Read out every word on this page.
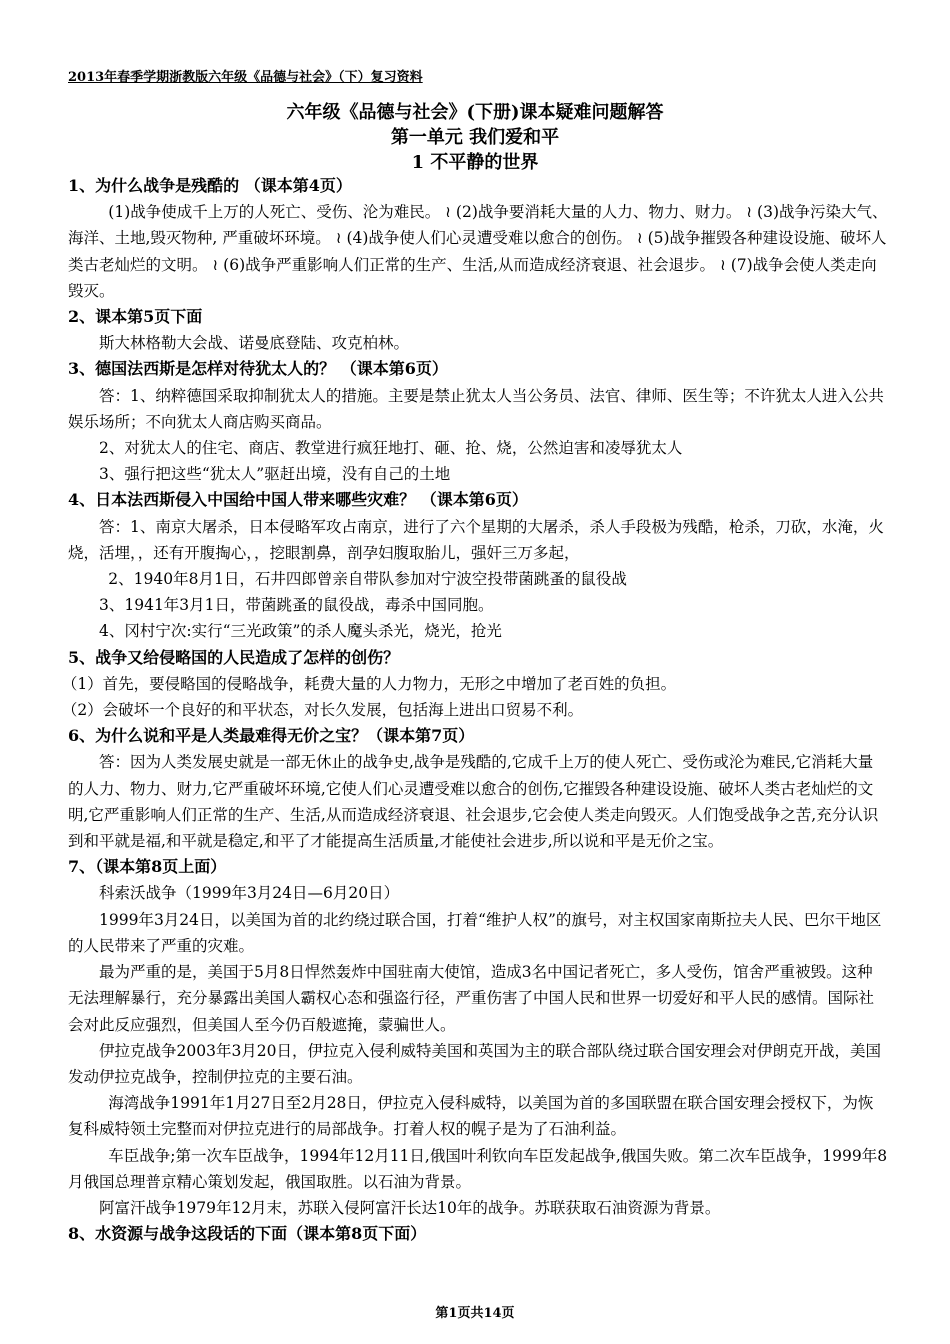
2013年春季学期浙教版六年级《品德与社会》（下）复习资料
六年级《品德与社会》(下册)课本疑难问题解答
第一单元 我们爱和平
1 不平静的世界

1、为什么战争是残酷的 （课本第4页）

(1)战争使成千上万的人死亡、受伤、沦为难民。 ≀ (2)战争要消耗大量的人力、物力、财力。 ≀ (3)战争污染大气、海洋、土地,毁灭物种, 严重破坏环境。 ≀ (4)战争使人们心灵遭受难以愈合的创伤。 ≀ (5)战争摧毁各种建设设施、破坏人类古老灿烂的文明。 ≀ (6)战争严重影响人们正常的生产、生活,从而造成经济衰退、社会退步。 ≀ (7)战争会使人类走向毁灭。

2、课本第5页下面

斯大林格勒大会战、诺曼底登陆、攻克柏林。

3、德国法西斯是怎样对待犹太人的？ （课本第6页）

答：1、纳粹德国采取抑制犹太人的措施。主要是禁止犹太人当公务员、法官、律师、医生等；不许犹太人进入公共娱乐场所；不向犹太人商店购买商品。

2、对犹太人的住宅、商店、教堂进行疯狂地打、砸、抢、烧，公然迫害和凌辱犹太人

3、强行把这些“犹太人”驱赶出境，没有自己的土地

4、日本法西斯侵入中国给中国人带来哪些灾难？ （课本第6页）

答：1、南京大屠杀，日本侵略军攻占南京，进行了六个星期的大屠杀，杀人手段极为残酷，枪杀，刀砍，水淹，火烧，活埋，，还有开腹掏心，，挖眼割鼻，剖孕妇腹取胎儿，强奸三万多起，

2、1940年8月1日，石井四郎曾亲自带队参加对宁波空投带菌跳蚤的鼠役战

3、1941年3月1日，带菌跳蚤的鼠役战，毒杀中国同胞。

4、冈村宁次:实行“三光政策”的杀人魔头杀光，烧光，抢光

5、战争又给侵略国的人民造成了怎样的创伤？

（1）首先，要侵略国的侵略战争，耗费大量的人力物力，无形之中增加了老百姓的负担。

（2）会破坏一个良好的和平状态，对长久发展，包括海上进出口贸易不利。

6、为什么说和平是人类最难得无价之宝？（课本第7页）

答：因为人类发展史就是一部无休止的战争史,战争是残酷的,它成千上万的使人死亡、受伤或沦为难民,它消耗大量的人力、物力、财力,它严重破坏环境,它使人们心灵遭受难以愈合的创伤,它摧毁各种建设设施、破坏人类古老灿烂的文明,它严重影响人们正常的生产、生活,从而造成经济衰退、社会退步,它会使人类走向毁灭。人们饱受战争之苦,充分认识到和平就是福,和平就是稳定,和平了才能提高生活质量,才能使社会进步,所以说和平是无价之宝。

7、（课本第8页上面）

科索沃战争（1999年3月24日—6月20日）

1999年3月24日，以美国为首的北约绕过联合国，打着“维护人权”的旗号，对主权国家南斯拉夫人民、巴尔干地区的人民带来了严重的灾难。

最为严重的是，美国于5月8日悍然轰炸中国驻南大使馆，造成3名中国记者死亡，多人受伤，馆舍严重被毁。这种无法理解暴行，充分暴露出美国人霸权心态和强盗行径，严重伤害了中国人民和世界一切爱好和平人民的感情。国际社会对此反应强烈，但美国人至今仍百般遮掩，蒙骗世人。

伊拉克战争2003年3月20日，伊拉克入侵利威特美国和英国为主的联合部队绕过联合国安理会对伊朗克开战，美国发动伊拉克战争，控制伊拉克的主要石油。

海湾战争1991年1月27日至2月28日，伊拉克入侵科威特，以美国为首的多国联盟在联合国安理会授权下，为恢复科威特领土完整而对伊拉克进行的局部战争。打着人权的幌子是为了石油利益。

车臣战争;第一次车臣战争，1994年12月11日,俄国叶利钦向车臣发起战争,俄国失败。第二次车臣战争，1999年8月俄国总理普京精心策划发起，俄国取胜。以石油为背景。

阿富汗战争1979年12月末，苏联入侵阿富汗长达10年的战争。苏联获取石油资源为背景。

8、水资源与战争这段话的下面（课本第8页下面）

第1页共14页
